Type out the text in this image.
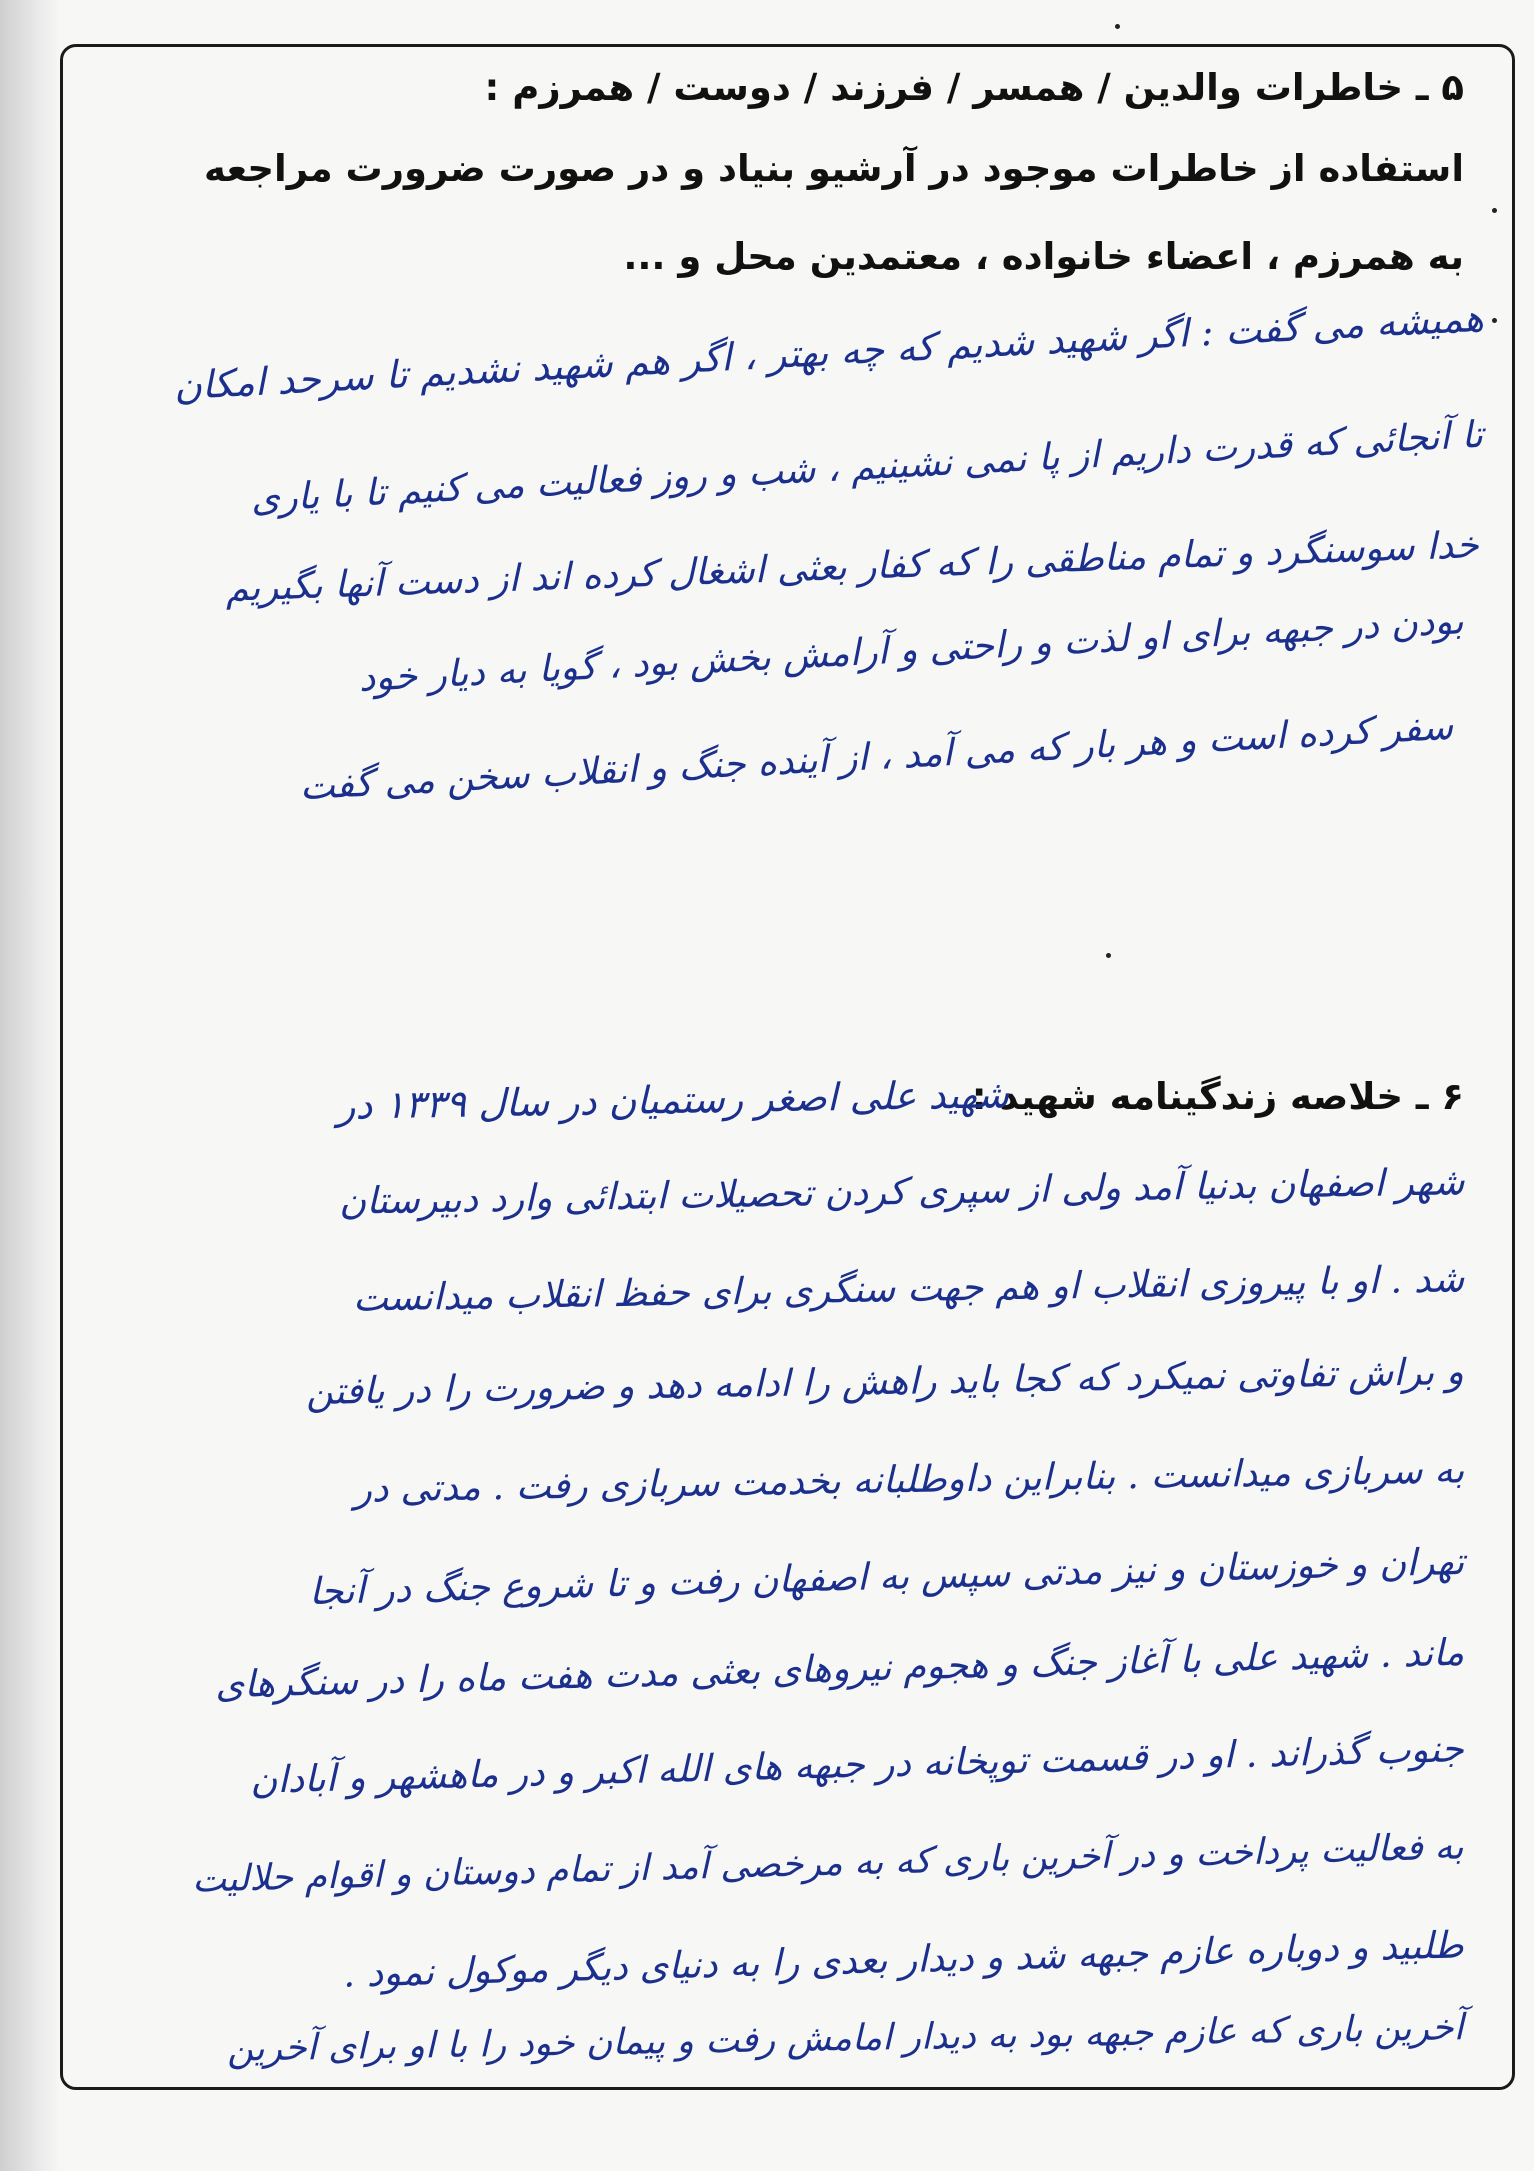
۵ ـ خاطرات والدین / همسر / فرزند / دوست / همرزم :
استفاده از خاطرات موجود در آرشیو بنیاد و در صورت ضرورت مراجعه
به همرزم ، اعضاء خانواده ، معتمدین محل و ...
همیشه می گفت : اگر شهید شدیم که چه بهتر ، اگر هم شهید نشدیم تا سرحد امکان
تا آنجائی که قدرت داریم از پا نمی نشینیم ، شب و روز فعالیت می کنیم تا با یاری
خدا سوسنگرد و تمام مناطقی را که کفار بعثی اشغال کرده اند از دست آنها بگیریم
بودن در جبهه برای او لذت و راحتی و آرامش بخش بود ، گویا به دیار خود
سفر کرده است و هر بار که می آمد ، از آینده جنگ و انقلاب سخن می گفت
۶ ـ خلاصه زندگینامه شهید :
شهید علی اصغر رستمیان در سال ۱۳۳۹ در
شهر اصفهان بدنیا آمد ولی از سپری کردن تحصیلات ابتدائی وارد دبیرستان
شد . او با پیروزی انقلاب او هم جهت سنگری برای حفظ انقلاب میدانست
و براش تفاوتی نمیکرد که کجا باید راهش را ادامه دهد و ضرورت را در یافتن
به سربازی میدانست . بنابراین داوطلبانه بخدمت سربازی رفت . مدتی در
تهران و خوزستان و نیز مدتی سپس به اصفهان رفت و تا شروع جنگ در آنجا
ماند . شهید علی با آغاز جنگ و هجوم نیروهای بعثی مدت هفت ماه را در سنگرهای
جنوب گذراند . او در قسمت توپخانه در جبهه های الله اکبر و در ماهشهر و آبادان
به فعالیت پرداخت و در آخرین باری که به مرخصی آمد از تمام دوستان و اقوام حلالیت
طلبید و دوباره عازم جبهه شد و دیدار بعدی را به دنیای دیگر موکول نمود .
آخرین باری که عازم جبهه بود به دیدار امامش رفت و پیمان خود را با او برای آخرین
